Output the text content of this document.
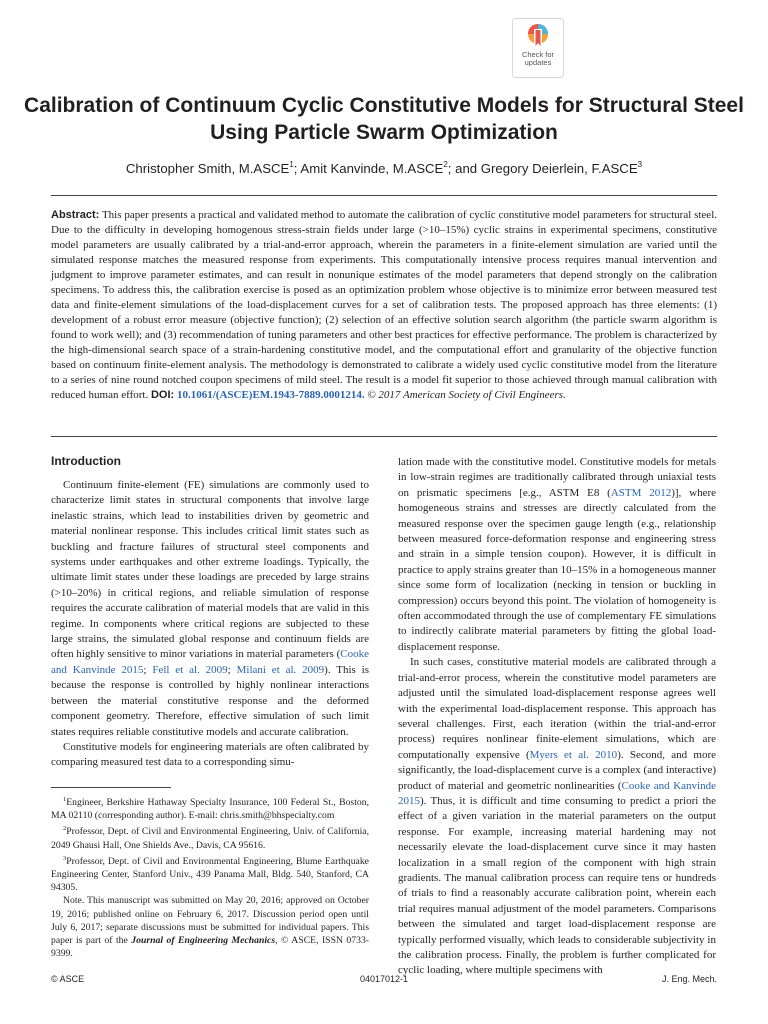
Check for
updates
Calibration of Continuum Cyclic Constitutive Models for Structural Steel Using Particle Swarm Optimization
Christopher Smith, M.ASCE$^1$; Amit Kanvinde, M.ASCE$^2$; and Gregory Deierlein, F.ASCE$^3$

Abstract: This paper presents a practical and validated method to automate the calibration of cyclic constitutive model parameters for structural steel. Due to the difficulty in developing homogenous stress-strain fields under large (>10–15%) cyclic strains in experimental specimens, constitutive model parameters are usually calibrated by a trial-and-error approach, wherein the parameters in a finite-element simulation are varied until the simulated response matches the measured response from experiments. This computationally intensive process requires manual intervention and judgment to improve parameter estimates, and can result in nonunique estimates of the model parameters that depend strongly on the calibration specimens. To address this, the calibration exercise is posed as an optimization problem whose objective is to minimize error between measured test data and finite-element simulations of the load-displacement curves for a set of calibration tests. The proposed approach has three elements: (1) development of a robust error measure (objective function); (2) selection of an effective solution search algorithm (the particle swarm algorithm is found to work well); and (3) recommendation of tuning parameters and other best practices for effective performance. The problem is characterized by the high-dimensional search space of a strain-hardening constitutive model, and the computational effort and granularity of the objective function based on continuum finite-element analysis. The methodology is demonstrated to calibrate a widely used cyclic constitutive model from the literature to a series of nine round notched coupon specimens of mild steel. The result is a model fit superior to those achieved through manual calibration with reduced human effort. DOI: 10.1061/(ASCE)EM.1943-7889.0001214. © 2017 American Society of Civil Engineers.

Introduction

Continuum finite-element (FE) simulations are commonly used to characterize limit states in structural components that involve large inelastic strains, which lead to instabilities driven by geometric and material nonlinear response. This includes critical limit states such as buckling and fracture failures of structural steel components and systems under earthquakes and other extreme loadings. Typically, the ultimate limit states under these loadings are preceded by large strains (>10–20%) in critical regions, and reliable simulation of response requires the accurate calibration of material models that are valid in this regime. In components where critical regions are subjected to these large strains, the simulated global response and continuum fields are often highly sensitive to minor variations in material parameters (Cooke and Kanvinde 2015; Fell et al. 2009; Milani et al. 2009). This is because the response is controlled by highly nonlinear interactions between the material constitutive response and the deformed component geometry. Therefore, effective simulation of such limit states requires reliable constitutive models and accurate calibration.

Constitutive models for engineering materials are often calibrated by comparing measured test data to a corresponding simu-

$^1$Engineer, Berkshire Hathaway Specialty Insurance, 100 Federal St., Boston, MA 02110 (corresponding author). E-mail: chris.smith@bhspecialty.com

$^2$Professor, Dept. of Civil and Environmental Engineering, Univ. of California, 2049 Ghausi Hall, One Shields Ave., Davis, CA 95616.

$^3$Professor, Dept. of Civil and Environmental Engineering, Blume Earthquake Engineering Center, Stanford Univ., 439 Panama Mall, Bldg. 540, Stanford, CA 94305.

Note. This manuscript was submitted on May 20, 2016; approved on October 19, 2016; published online on February 6, 2017. Discussion period open until July 6, 2017; separate discussions must be submitted for individual papers. This paper is part of the Journal of Engineering Mechanics, © ASCE, ISSN 0733-9399.

lation made with the constitutive model. Constitutive models for metals in low-strain regimes are traditionally calibrated through uniaxial tests on prismatic specimens [e.g., ASTM E8 (ASTM 2012)], where homogeneous strains and stresses are directly calculated from the measured response over the specimen gauge length (e.g., relationship between measured force-deformation response and engineering stress and strain in a simple tension coupon). However, it is difficult in practice to apply strains greater than 10–15% in a homogeneous manner since some form of localization (necking in tension or buckling in compression) occurs beyond this point. The violation of homogeneity is often accommodated through the use of complementary FE simulations to indirectly calibrate material parameters by fitting the global load-displacement response.

In such cases, constitutive material models are calibrated through a trial-and-error process, wherein the constitutive model parameters are adjusted until the simulated load-displacement response agrees well with the experimental load-displacement response. This approach has several challenges. First, each iteration (within the trial-and-error process) requires nonlinear finite-element simulations, which are computationally expensive (Myers et al. 2010). Second, and more significantly, the load-displacement curve is a complex (and interactive) product of material and geometric nonlinearities (Cooke and Kanvinde 2015). Thus, it is difficult and time consuming to predict a priori the effect of a given variation in the material parameters on the output response. For example, increasing material hardening may not necessarily elevate the load-displacement curve since it may hasten localization in a small region of the component with high strain gradients. The manual calibration process can require tens or hundreds of trials to find a reasonably accurate calibration point, wherein each trial requires manual adjustment of the model parameters. Comparisons between the simulated and target load-displacement response are typically performed visually, which leads to considerable subjectivity in the calibration process. Finally, the problem is further complicated for cyclic loading, where multiple specimens with

© ASCE	04017012-1	J. Eng. Mech.
